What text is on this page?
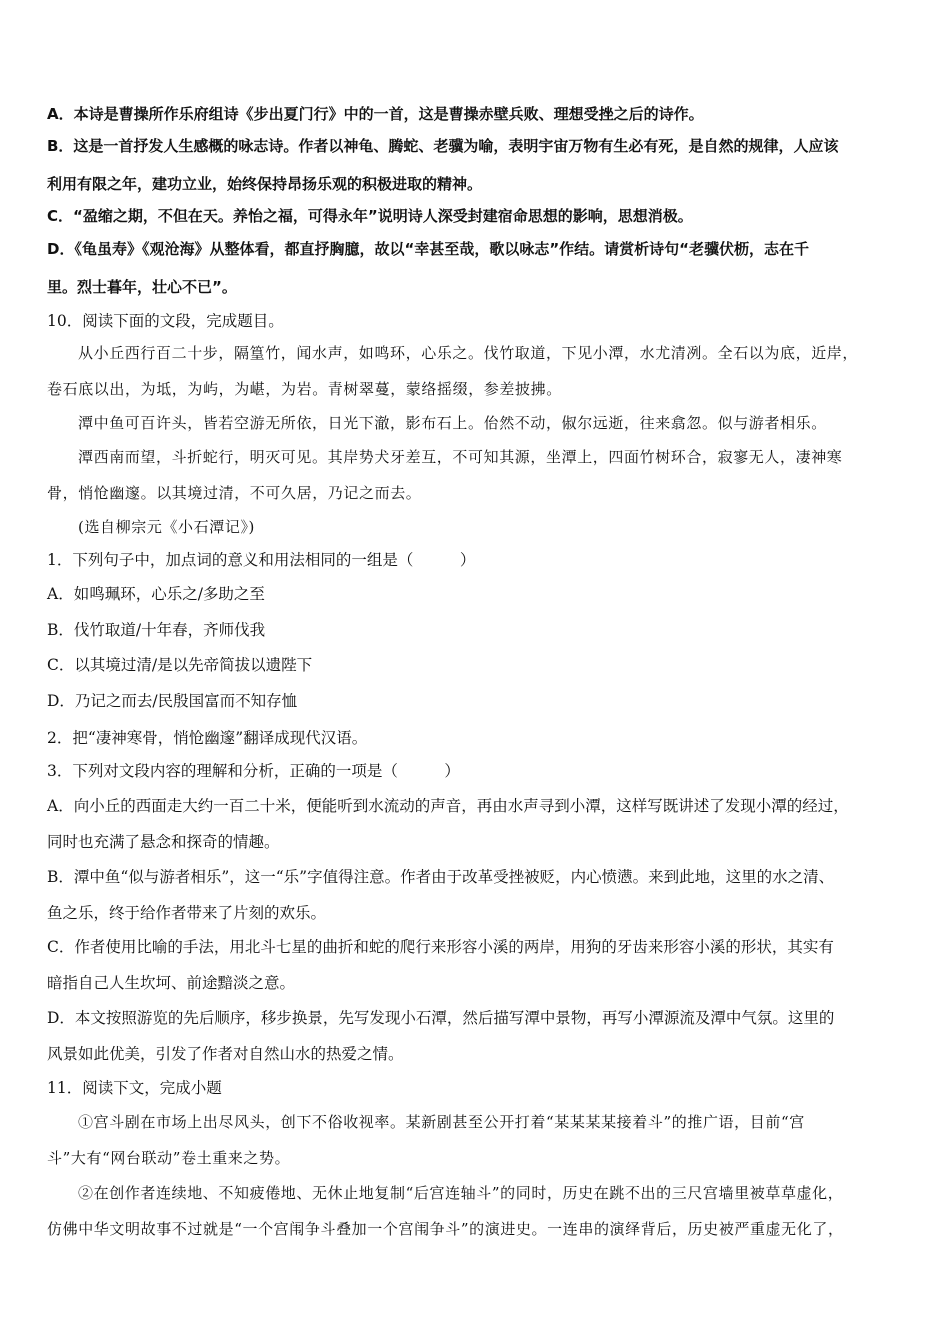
A．本诗是曹操所作乐府组诗《步出夏门行》中的一首，这是曹操赤壁兵败、理想受挫之后的诗作。
B．这是一首抒发人生感概的咏志诗。作者以神龟、腾蛇、老骥为喻，表明宇宙万物有生必有死，是自然的规律，人应该
利用有限之年，建功立业，始终保持昂扬乐观的积极进取的精神。
C．“盈缩之期，不但在天。养怡之福，可得永年”说明诗人深受封建宿命思想的影响，思想消极。
D．《龟虽寿》《观沧海》从整体看，都直抒胸臆，故以“幸甚至哉，歌以咏志”作结。请赏析诗句“老骥伏枥，志在千
里。烈士暮年，壮心不已”。
10．阅读下面的文段，完成题目。
从小丘西行百二十步，隔篁竹，闻水声，如鸣环，心乐之。伐竹取道，下见小潭，水尤清冽。全石以为底，近岸，
卷石底以出，为坻，为屿，为嵁，为岩。青树翠蔓，蒙络摇缀，参差披拂。
潭中鱼可百许头，皆若空游无所依，日光下澈，影布石上。佁然不动，俶尔远逝，往来翕忽。似与游者相乐。
潭西南而望，斗折蛇行，明灭可见。其岸势犬牙差互，不可知其源，坐潭上，四面竹树环合，寂寥无人，凄神寒
骨，悄怆幽邃。以其境过清，不可久居，乃记之而去。
(选自柳宗元《小石潭记》)
1．下列句子中，加点词的意义和用法相同的一组是（　　　）
A．如鸣珮环，心乐之/多助之至
B．伐竹取道/十年春，齐师伐我
C．以其境过清/是以先帝简拔以遗陛下
D．乃记之而去/民殷国富而不知存恤
2．把“凄神寒骨，悄怆幽邃”翻译成现代汉语。
3．下列对文段内容的理解和分析，正确的一项是（　　　）
A．向小丘的西面走大约一百二十米，便能听到水流动的声音，再由水声寻到小潭，这样写既讲述了发现小潭的经过，
同时也充满了悬念和探奇的情趣。
B．潭中鱼“似与游者相乐”，这一“乐”字值得注意。作者由于改革受挫被贬，内心愤懑。来到此地，这里的水之清、
鱼之乐，终于给作者带来了片刻的欢乐。
C．作者使用比喻的手法，用北斗七星的曲折和蛇的爬行来形容小溪的两岸，用狗的牙齿来形容小溪的形状，其实有
暗指自己人生坎坷、前途黯淡之意。
D．本文按照游览的先后顺序，移步换景，先写发现小石潭，然后描写潭中景物，再写小潭源流及潭中气氛。这里的
风景如此优美，引发了作者对自然山水的热爱之情。
11．阅读下文，完成小题
①宫斗剧在市场上出尽风头，创下不俗收视率。某新剧甚至公开打着“某某某某接着斗”的推广语，目前“宫
斗”大有“网台联动”卷土重来之势。
②在创作者连续地、不知疲倦地、无休止地复制“后宫连轴斗”的同时，历史在跳不出的三尺宫墙里被草草虚化，
仿佛中华文明故事不过就是“一个宫闱争斗叠加一个宫闱争斗”的演进史。一连串的演绎背后，历史被严重虚无化了，
